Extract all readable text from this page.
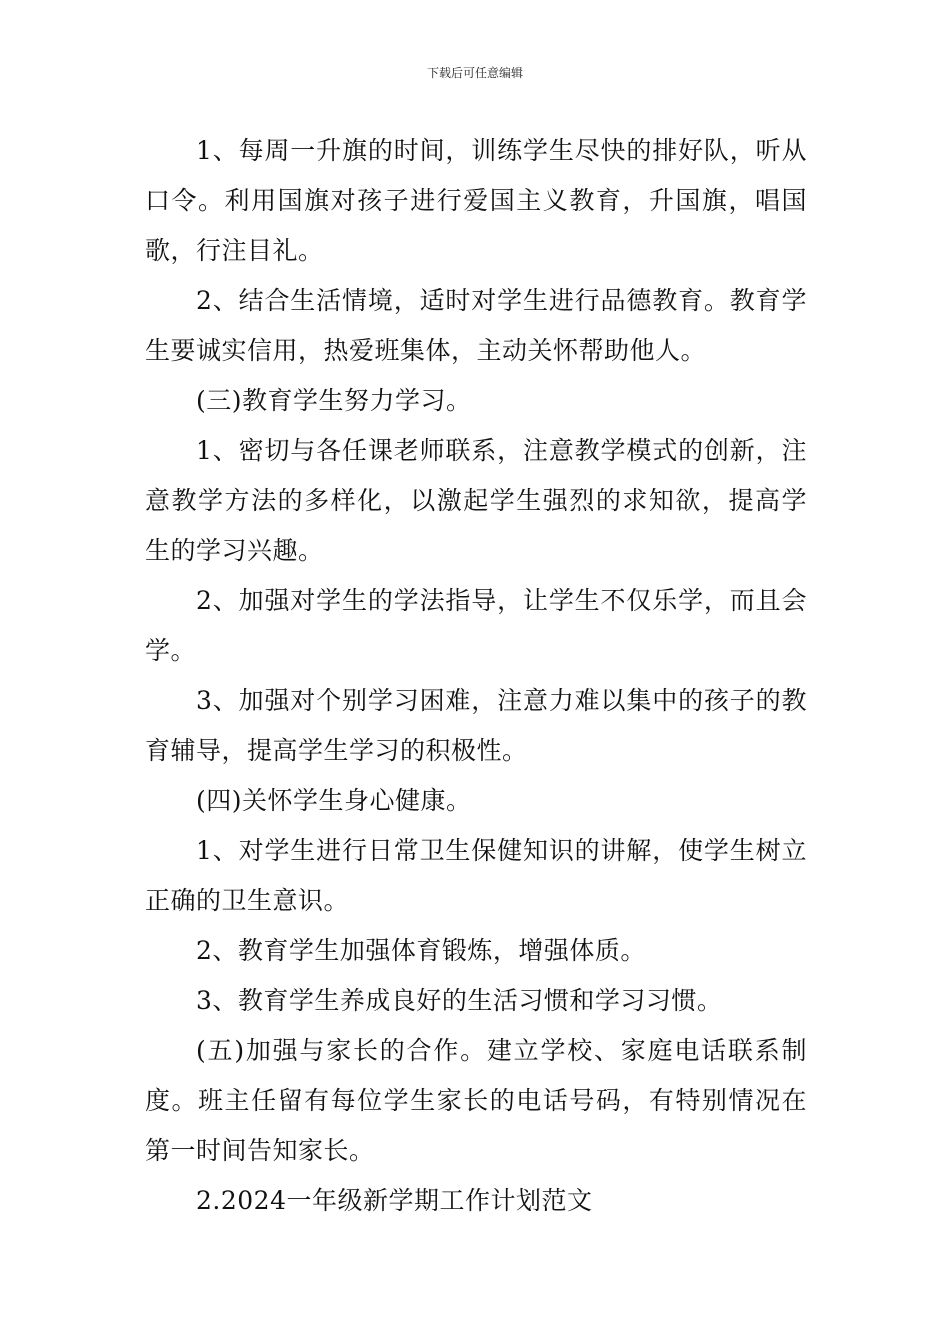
下载后可任意编辑

1、每周一升旗的时间，训练学生尽快的排好队，听从口令。利用国旗对孩子进行爱国主义教育，升国旗，唱国歌，行注目礼。

2、结合生活情境，适时对学生进行品德教育。教育学生要诚实信用，热爱班集体，主动关怀帮助他人。

(三)教育学生努力学习。

1、密切与各任课老师联系，注意教学模式的创新，注意教学方法的多样化，以激起学生强烈的求知欲，提高学生的学习兴趣。

2、加强对学生的学法指导，让学生不仅乐学，而且会学。

3、加强对个别学习困难，注意力难以集中的孩子的教育辅导，提高学生学习的积极性。

(四)关怀学生身心健康。

1、对学生进行日常卫生保健知识的讲解，使学生树立正确的卫生意识。

2、教育学生加强体育锻炼，增强体质。

3、教育学生养成良好的生活习惯和学习习惯。

(五)加强与家长的合作。建立学校、家庭电话联系制度。班主任留有每位学生家长的电话号码，有特别情况在第一时间告知家长。

2.2024一年级新学期工作计划范文
